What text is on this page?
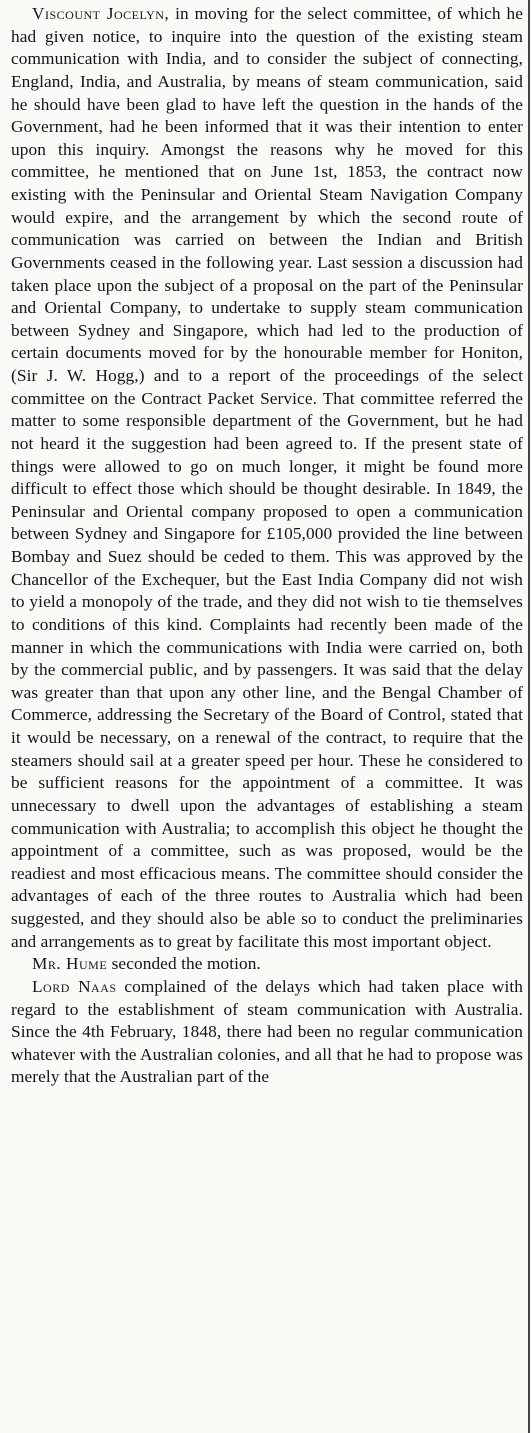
Viscount Jocelyn, in moving for the select committee, of which he had given notice, to inquire into the question of the existing steam communication with India, and to consider the subject of connecting, England, India, and Australia, by means of steam communication, said he should have been glad to have left the question in the hands of the Government, had he been informed that it was their intention to enter upon this inquiry. Amongst the reasons why he moved for this committee, he mentioned that on June 1st, 1853, the contract now existing with the Peninsular and Oriental Steam Navigation Company would expire, and the arrangement by which the second route of communication was carried on between the Indian and British Governments ceased in the following year. Last session a discussion had taken place upon the subject of a proposal on the part of the Peninsular and Oriental Company, to undertake to supply steam communication between Sydney and Singapore, which had led to the production of certain documents moved for by the honourable member for Honiton, (Sir J. W. Hogg,) and to a report of the proceedings of the select committee on the Contract Packet Service. That committee referred the matter to some responsible department of the Government, but he had not heard it the suggestion had been agreed to. If the present state of things were allowed to go on much longer, it might be found more difficult to effect those which should be thought desirable. In 1849, the Peninsular and Oriental company proposed to open a communication between Sydney and Singapore for £105,000 provided the line between Bombay and Suez should be ceded to them. This was approved by the Chancellor of the Exchequer, but the East India Company did not wish to yield a monopoly of the trade, and they did not wish to tie themselves to conditions of this kind. Complaints had recently been made of the manner in which the communications with India were carried on, both by the commercial public, and by passengers. It was said that the delay was greater than that upon any other line, and the Bengal Chamber of Commerce, addressing the Secretary of the Board of Control, stated that it would be necessary, on a renewal of the contract, to require that the steamers should sail at a greater speed per hour. These he considered to be sufficient reasons for the appointment of a committee. It was unnecessary to dwell upon the advantages of establishing a steam communication with Australia; to accomplish this object he thought the appointment of a committee, such as was proposed, would be the readiest and most efficacious means. The committee should consider the advantages of each of the three routes to Australia which had been suggested, and they should also be able so to conduct the preliminaries and arrangements as to great by facilitate this most important object.

Mr. Hume seconded the motion.

Lord Naas complained of the delays which had taken place with regard to the establishment of steam communication with Australia. Since the 4th February, 1848, there had been no regular communication whatever with the Australian colonies, and all that he had to propose was merely that the Australian part of the
